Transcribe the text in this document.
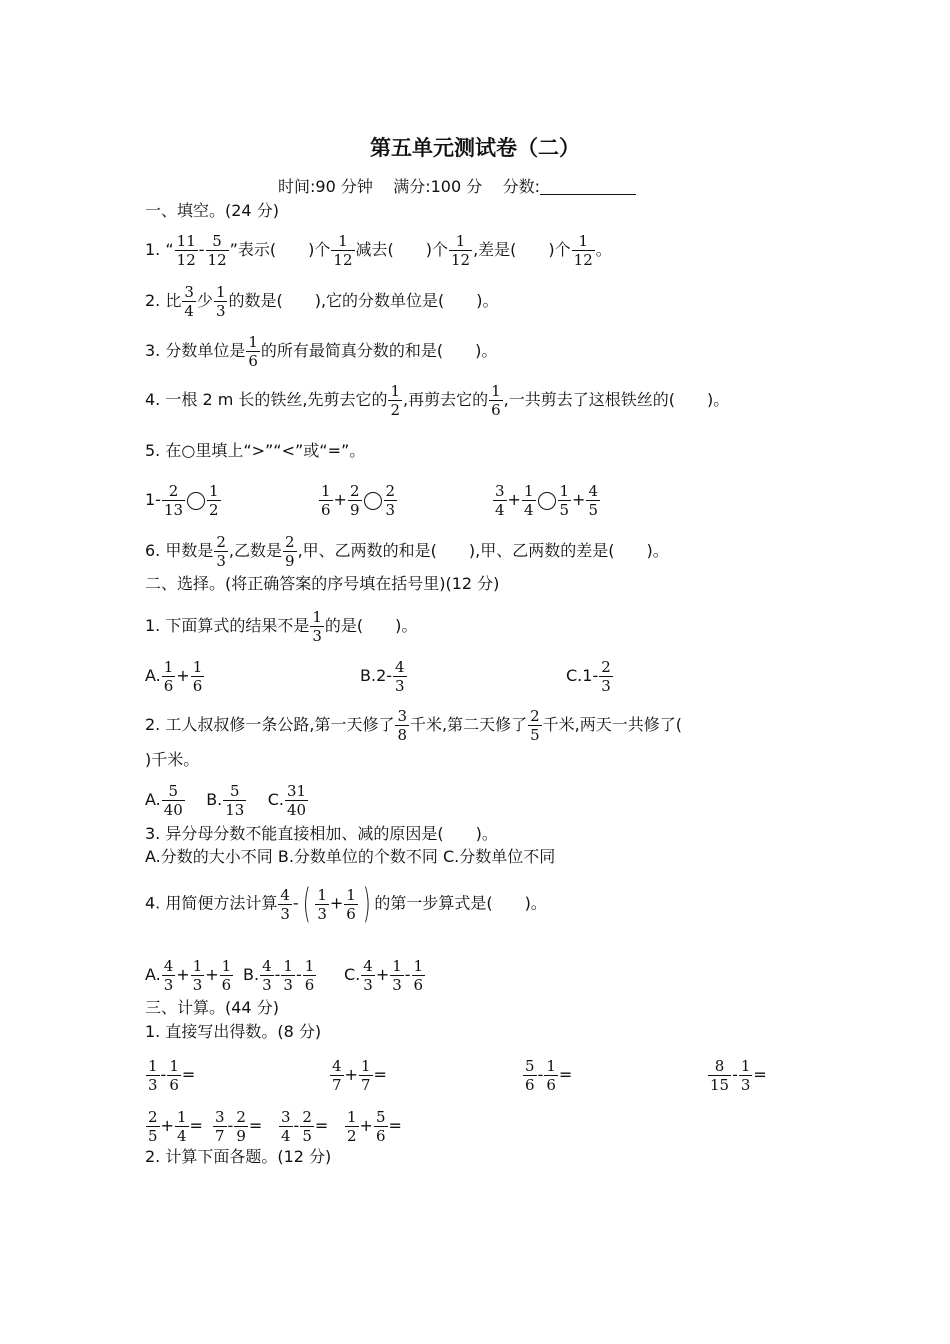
第五单元测试卷（二）
时间:90 分钟 满分:100 分 分数:
一、填空。(24 分)
1. “ $\frac{11}{12} - \frac{5}{12}$ ”表示(　　)个 $\frac{1}{12}$ 减去(　　)个 $\frac{1}{12}$ ,差是(　　)个 $\frac{1}{12}$ 。
2. 比 $\frac{3}{4}$ 少 $\frac{1}{3}$ 的数是(　　),它的分数单位是(　　)。
3. 分数单位是 $\frac{1}{6}$ 的所有最简真分数的和是(　　)。
4. 一根 2 m 长的铁丝,先剪去它的 $\frac{1}{2}$ ,再剪去它的 $\frac{1}{6}$ ,一共剪去了这根铁丝的(　　)。
5. 在○里填上“>”“<”或“=”。
$1- \frac{2}{13} \frac{1}{2}$	$\frac{1}{6} + \frac{2}{9} \frac{2}{3}$	$\frac{3}{4} + \frac{1}{4} \frac{1}{5} + \frac{4}{5}$
6. 甲数是 $\frac{2}{3}$ ,乙数是 $\frac{2}{9}$ ,甲、乙两数的和是(　　),甲、乙两数的差是(　　)。
二、选择。(将正确答案的序号填在括号里)(12 分)
1. 下面算式的结果不是 $\frac{1}{3}$ 的是(　　)。
A. $\frac{1}{6} + \frac{1}{6}$	$B.2- \frac{4}{3}$	$C.1- \frac{2}{3}$
2. 工人叔叔修一条公路,第一天修了 $\frac{3}{8}$ 千米,第二天修了 $\frac{2}{5}$ 千米,两天一共修了(
)千米。
A. $\frac{5}{40} B$. $\frac{5}{13} C$. $\frac{31}{40}$
3. 异分母分数不能直接相加、减的原因是(　　)。
A.分数的大小不同 B.分数单位的个数不同 C.分数单位不同
4. 用简便方法计算 $\frac{4}{3}$ -( $\frac{1}{3} + \frac{1}{6}$ ) 的第一步算式是(　　)。
A. $\frac{4}{3} + \frac{1}{3} + \frac{1}{6} B$. $\frac{4}{3} - \frac{1}{3} - \frac{1}{6} C$. $\frac{4}{3} + \frac{1}{3} - \frac{1}{6}$
三、计算。(44 分)
1. 直接写出得数。(8 分)
$\frac{1}{3} - \frac{1}{6}$ =	$\frac{4}{7} + \frac{1}{7}$ =	$\frac{5}{6} - \frac{1}{6}$ =	$\frac{8}{15} - \frac{1}{3}$ =
$\frac{2}{5} + \frac{1}{4} = \frac{3}{7} - \frac{2}{9} = \frac{3}{4} - \frac{2}{5} = \frac{1}{2} + \frac{5}{6}$ =
2. 计算下面各题。(12 分)
